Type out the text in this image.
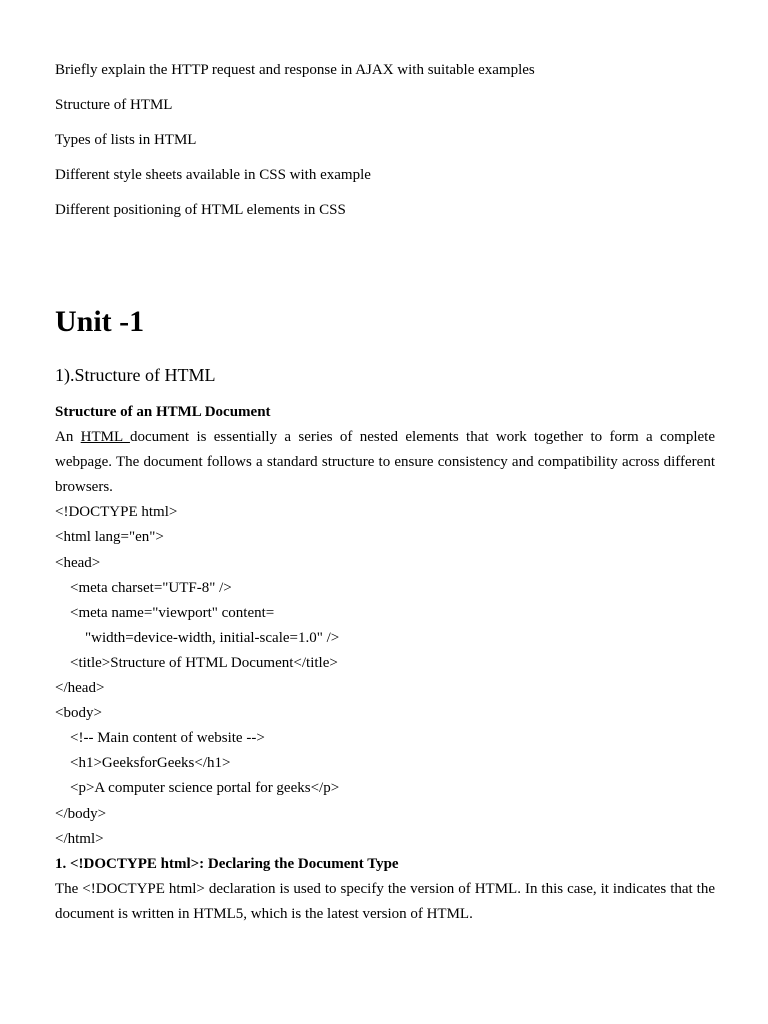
Briefly explain the HTTP request and response in AJAX with suitable examples
Structure of HTML
Types of lists in HTML
Different style sheets available in CSS with example
Different positioning of HTML elements in CSS
Unit -1
1).Structure of HTML
Structure of an HTML Document
An HTML document is essentially a series of nested elements that work together to form a complete webpage. The document follows a standard structure to ensure consistency and compatibility across different browsers.
<!DOCTYPE html>
<html lang="en">
<head>
<meta charset="UTF-8" />
<meta name="viewport" content=
"width=device-width, initial-scale=1.0" />
<title>Structure of HTML Document</title>
</head>
<body>
<!-- Main content of website -->
<h1>GeeksforGeeks</h1>
<p>A computer science portal for geeks</p>
</body>
</html>
1. <!DOCTYPE html>: Declaring the Document Type
The <!DOCTYPE html> declaration is used to specify the version of HTML. In this case, it indicates that the document is written in HTML5, which is the latest version of HTML.
